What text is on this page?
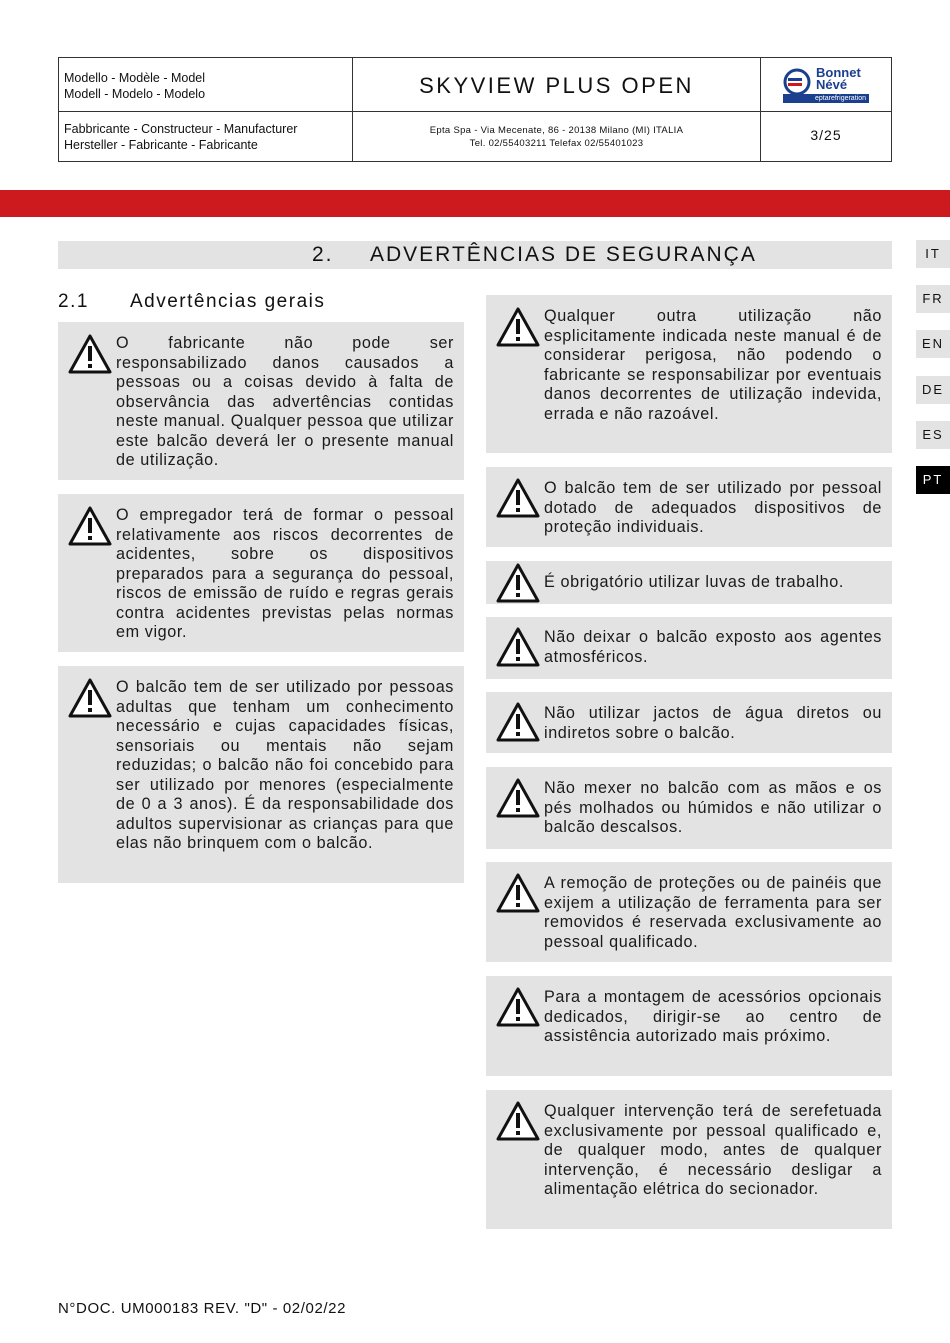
Modello - Modèle - Model
Modell - Modelo - Modelo	SKYVIEW PLUS OPEN
Bonnet
Névé
eptarefrigeration
Fabbricante - Constructeur - Manufacturer
Hersteller - Fabricante - Fabricante
Epta Spa - Via Mecenate, 86 - 20138 Milano (MI) ITALIA
Tel. 02/55403211 Telefax 02/55401023
3/25
2. ADVERTÊNCIAS DE SEGURANÇA
2.1 Advertências gerais
IT
FR
EN
DE
ES
PT
O fabricante não pode ser responsabilizado danos causados a pessoas ou a coisas devido à falta de observância das advertências contidas neste manual. Qualquer pessoa que utilizar este balcão deverá ler o presente manual de utilização.
O empregador terá de formar o pessoal relativamente aos riscos decorrentes de acidentes, sobre os dispositivos preparados para a segurança do pessoal, riscos de emissão de ruído e regras gerais contra acidentes previstas pelas normas em vigor.
O balcão tem de ser utilizado por pessoas adultas que tenham um conhecimento necessário e cujas capacidades físicas, sensoriais ou mentais não sejam reduzidas; o balcão não foi concebido para ser utilizado por menores (especialmente de 0 a 3 anos). É da responsabilidade dos adultos supervisionar as crianças para que elas não brinquem com o balcão.
Qualquer outra utilização não esplicitamente indicada neste manual é de considerar perigosa, não podendo o fabricante se responsabilizar por eventuais danos decorrentes de utilização indevida, errada e não razoável.
O balcão tem de ser utilizado por pessoal dotado de adequados dispositivos de proteção individuais.
É obrigatório utilizar luvas de trabalho.
Não deixar o balcão exposto aos agentes atmosféricos.
Não utilizar jactos de água diretos ou indiretos sobre o balcão.
Não mexer no balcão com as mãos e os pés molhados ou húmidos e não utilizar o balcão descalsos.
A remoção de proteções ou de painéis que exijem a utilização de ferramenta para ser removidos é reservada exclusivamente ao pessoal qualificado.
Para a montagem de acessórios opcionais dedicados, dirigir-se ao centro de assistência autorizado mais próximo.
Qualquer intervenção terá de serefetuada exclusivamente por pessoal qualificado e, de qualquer modo, antes de qualquer intervenção, é necessário desligar a alimentação elétrica do secionador.
N°DOC. UM000183 REV. "D" - 02/02/22
